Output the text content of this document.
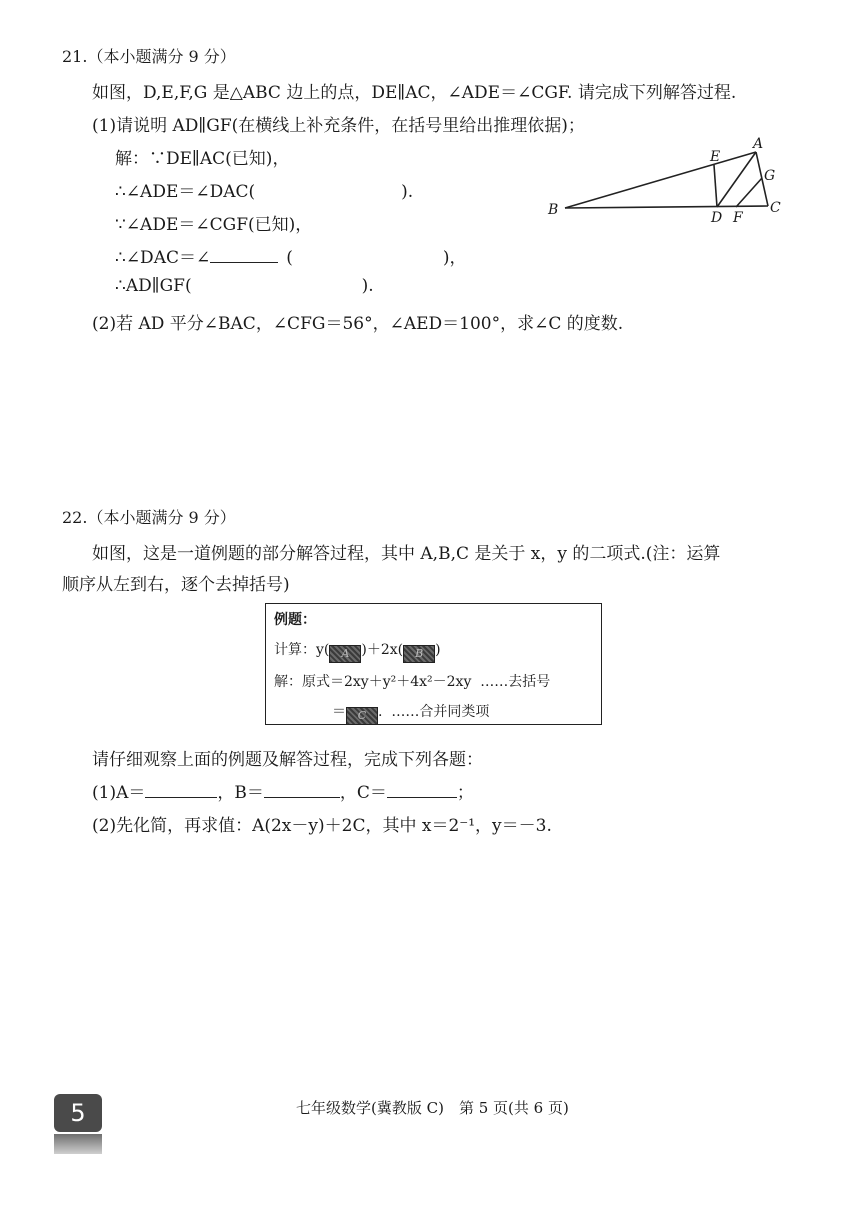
21.（本小题满分 9 分）
如图，D,E,F,G 是△ABC 边上的点，DE∥AC，∠ADE＝∠CGF. 请完成下列解答过程.
(1)请说明 AD∥GF(在横线上补充条件，在括号里给出推理依据)；
解：∵DE∥AC(已知)，
∴∠ADE＝∠DAC(	).
∵∠ADE＝∠CGF(已知)，
∴∠DAC＝∠	(	)，
∴AD∥GF(	).
(2)若 AD 平分∠BAC，∠CFG＝56°，∠AED＝100°，求∠C 的度数.
A
B	C
D
E
F
G
22.（本小题满分 9 分）
如图，这是一道例题的部分解答过程，其中 A,B,C 是关于 x，y 的二项式.(注：运算
顺序从左到右，逐个去掉括号)
例题：
计算：y( A )＋2x( B )
解：原式＝2xy＋y²＋4x²－2xy ……去括号
＝ C . ……合并同类项
请仔细观察上面的例题及解答过程，完成下列各题：
(1)A＝	，B＝	，C＝	；
(2)先化简，再求值：A(2x－y)＋2C，其中 x＝2⁻¹，y＝－3.
5	七年级数学(冀教版 C)　第 5 页(共 6 页)
